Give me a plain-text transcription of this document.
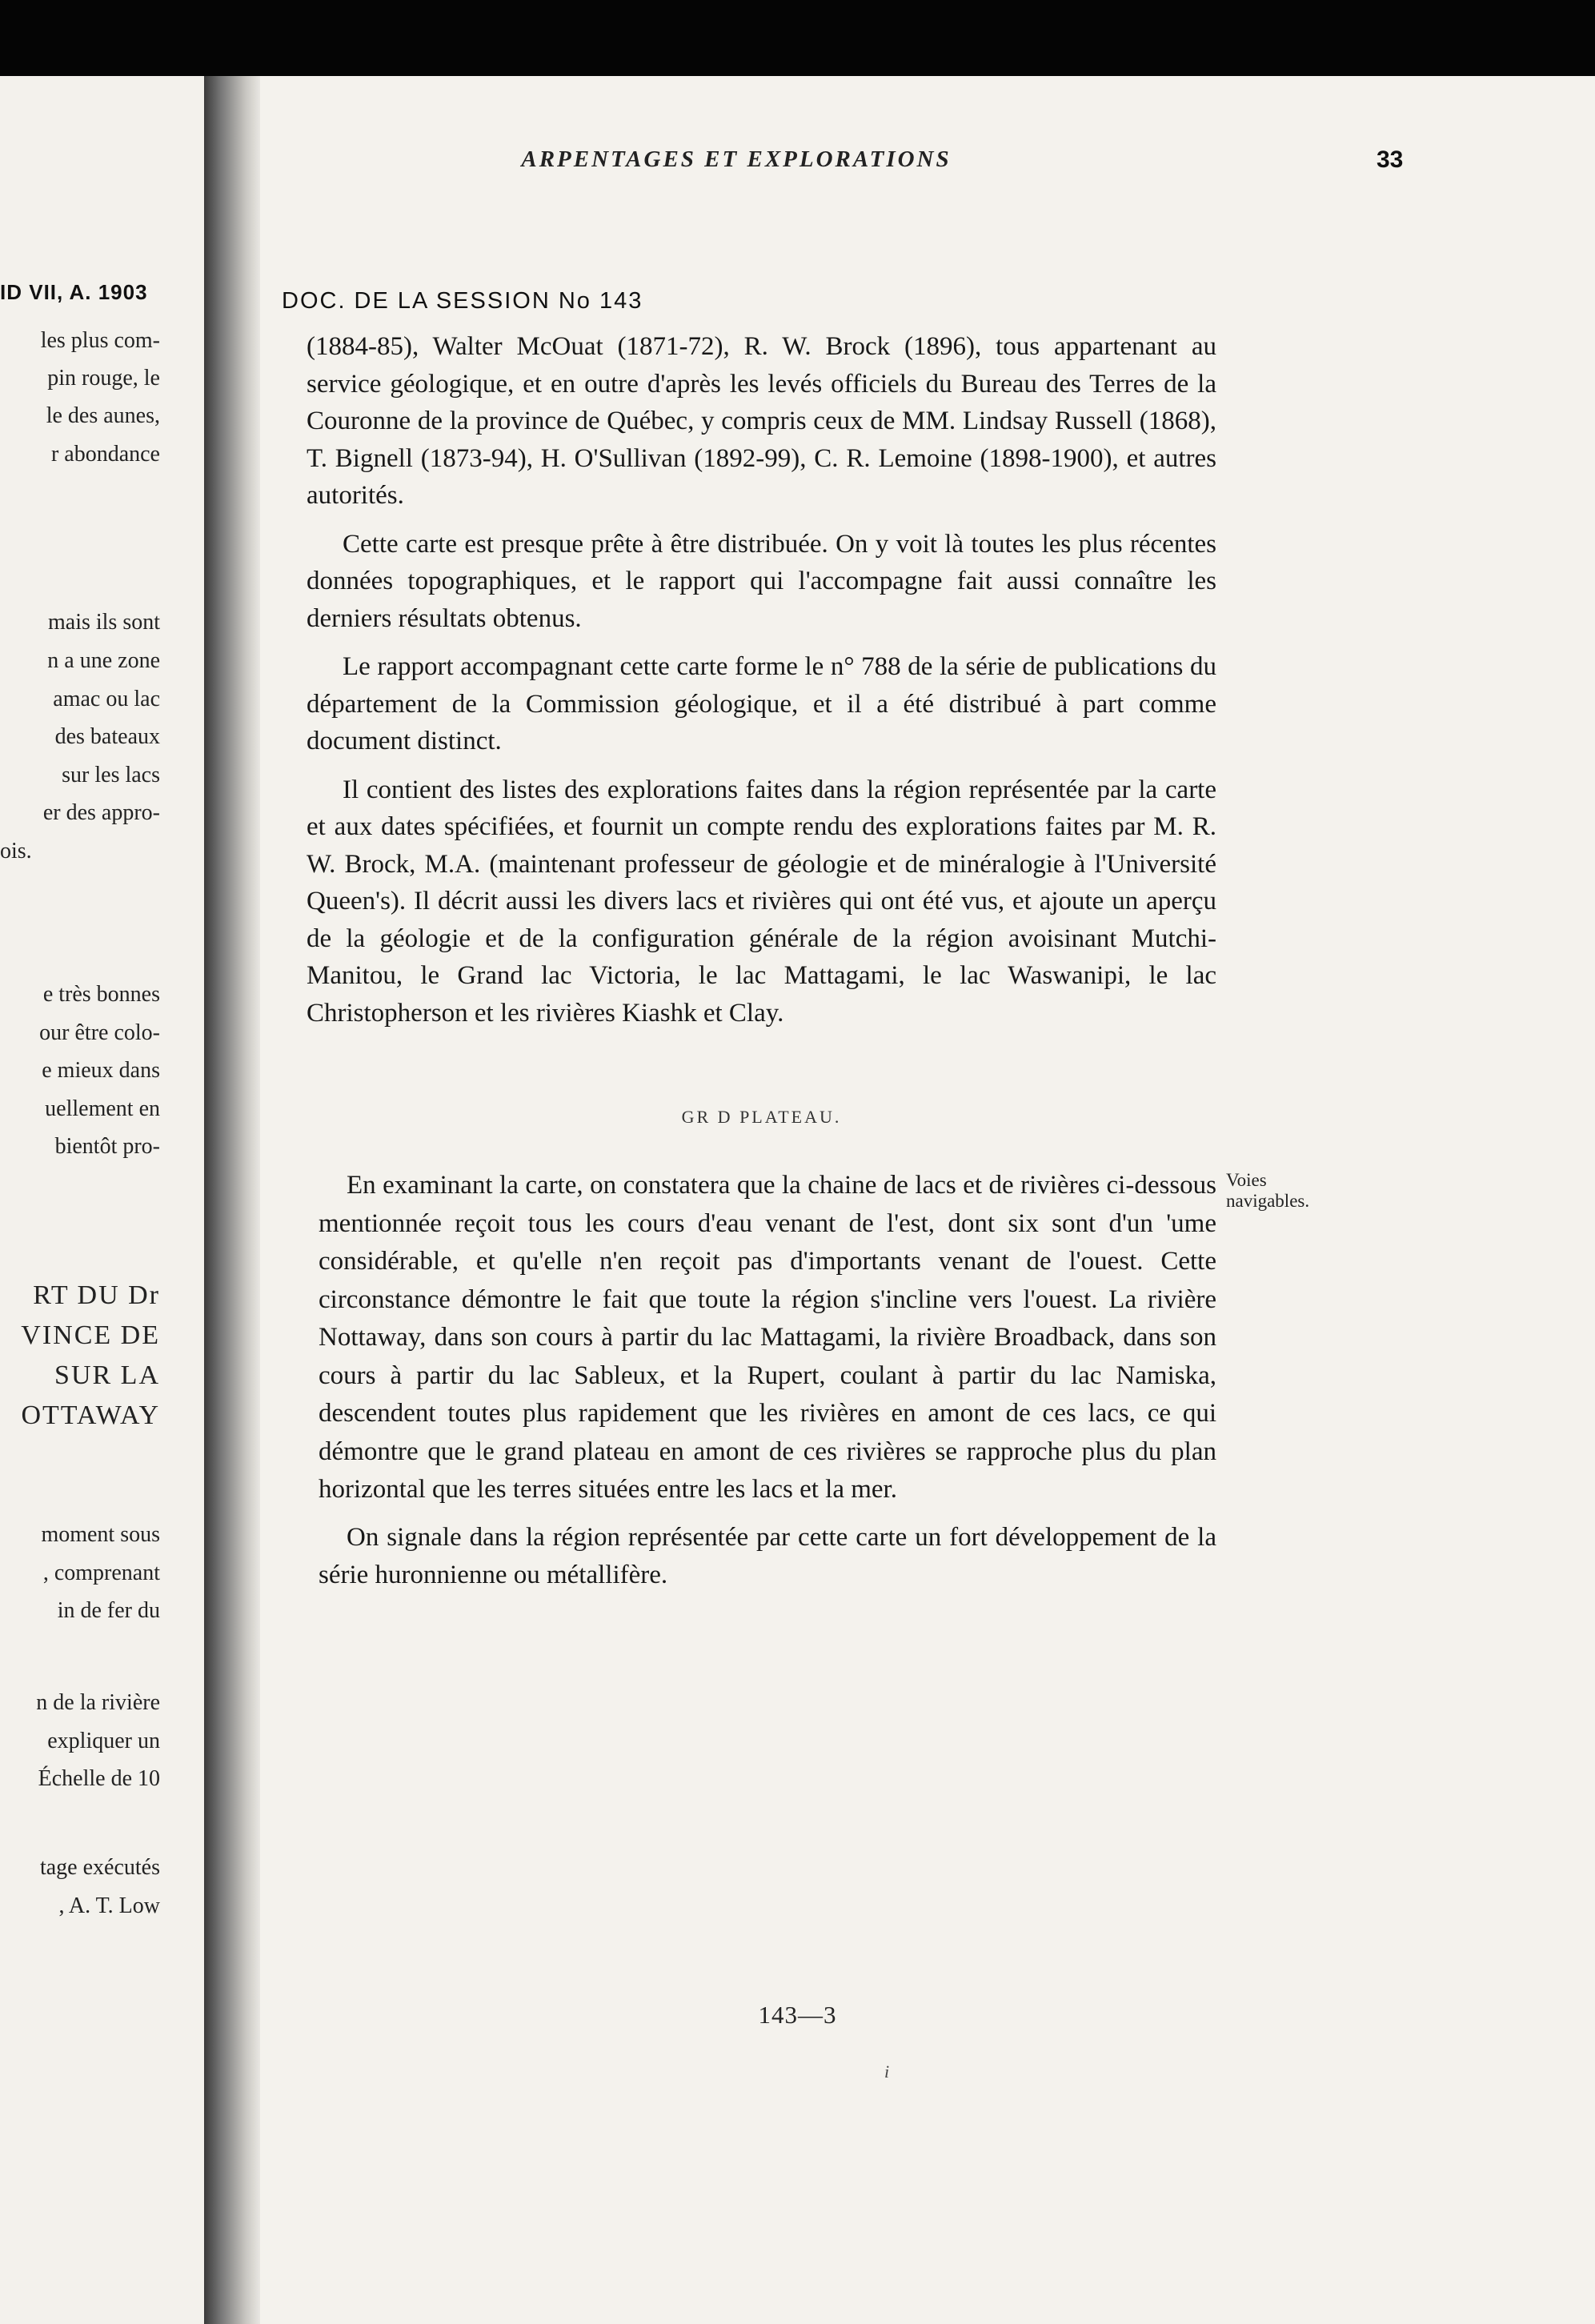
ID VII, A. 1903
les plus com-
pin rouge, le
le des aunes,
r abondance
mais ils sont
n a une zone
amac ou lac
des bateaux
sur les lacs
er des appro-
ois.
e très bonnes
our être colo-
e mieux dans
uellement en
bientôt pro-
RT DU Dr
VINCE DE
SUR LA
OTTAWAY
moment sous
, comprenant
in de fer du
n de la rivière
expliquer un
Échelle de 10
tage exécutés
, A. T. Low
ARPENTAGES ET EXPLORATIONS	33
DOC. DE LA SESSION No 143

(1884-85), Walter McOuat (1871-72), R. W. Brock (1896), tous appartenant au service géologique, et en outre d'après les levés officiels du Bureau des Terres de la Couronne de la province de Québec, y compris ceux de MM. Lindsay Russell (1868), T. Bignell (1873-94), H. O'Sullivan (1892-99), C. R. Lemoine (1898-1900), et autres autorités.

Cette carte est presque prête à être distribuée. On y voit là toutes les plus récentes données topographiques, et le rapport qui l'accompagne fait aussi connaître les derniers résultats obtenus.

Le rapport accompagnant cette carte forme le n° 788 de la série de publications du département de la Commission géologique, et il a été distribué à part comme document distinct.

Il contient des listes des explorations faites dans la région représentée par la carte et aux dates spécifiées, et fournit un compte rendu des explorations faites par M. R. W. Brock, M.A. (maintenant professeur de géologie et de minéralogie à l'Université Queen's). Il décrit aussi les divers lacs et rivières qui ont été vus, et ajoute un aperçu de la géologie et de la configuration générale de la région avoisinant Mutchi-Manitou, le Grand lac Victoria, le lac Mattagami, le lac Waswanipi, le lac Christopherson et les rivières Kiashk et Clay.

GR D PLATEAU.

En examinant la carte, on constatera que la chaine de lacs et de rivières ci-dessous mentionnée reçoit tous les cours d'eau venant de l'est, dont six sont d'un 'ume considérable, et qu'elle n'en reçoit pas d'importants venant de l'ouest. Cette circonstance démontre le fait que toute la région s'incline vers l'ouest. La rivière Nottaway, dans son cours à partir du lac Mattagami, la rivière Broadback, dans son cours à partir du lac Sableux, et la Rupert, coulant à partir du lac Namiska, descendent toutes plus rapidement que les rivières en amont de ces lacs, ce qui démontre que le grand plateau en amont de ces rivières se rapproche plus du plan horizontal que les terres situées entre les lacs et la mer.

On signale dans la région représentée par cette carte un fort développement de la série huronnienne ou métallifère.

Voies navigables.
143—3
i
